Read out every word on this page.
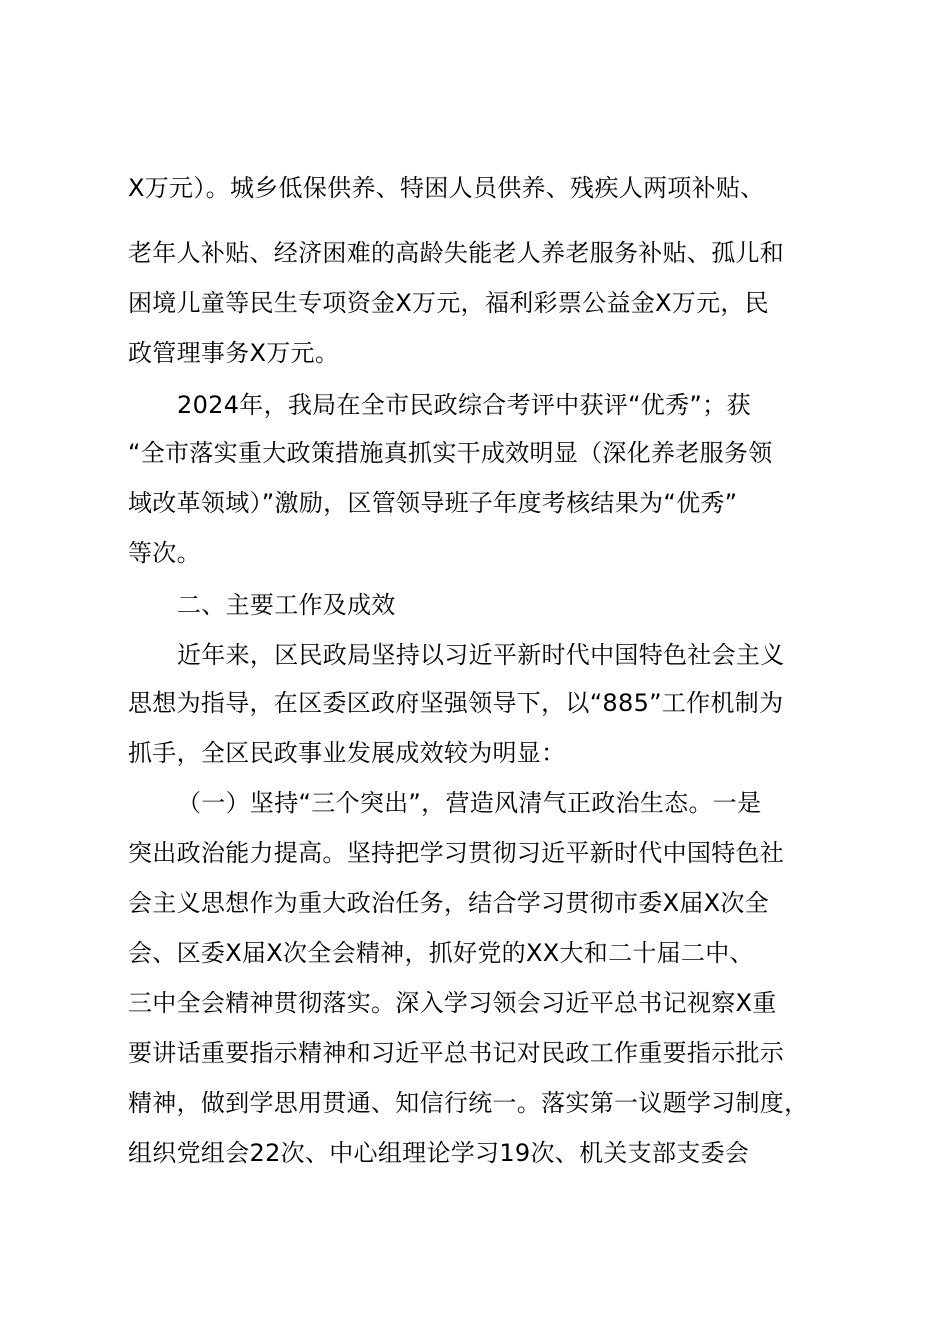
X万元）。城乡低保供养、特困人员供养、残疾人两项补贴、
老年人补贴、经济困难的高龄失能老人养老服务补贴、孤儿和
困境儿童等民生专项资金X万元，福利彩票公益金X万元，民
政管理事务X万元。
2024年，我局在全市民政综合考评中获评“优秀”；获
“全市落实重大政策措施真抓实干成效明显（深化养老服务领
域改革领域）”激励，区管领导班子年度考核结果为“优秀”
等次。
二、主要工作及成效
近年来，区民政局坚持以习近平新时代中国特色社会主义
思想为指导，在区委区政府坚强领导下，以“885”工作机制为
抓手，全区民政事业发展成效较为明显：
（一）坚持“三个突出”，营造风清气正政治生态。一是
突出政治能力提高。坚持把学习贯彻习近平新时代中国特色社
会主义思想作为重大政治任务，结合学习贯彻市委X届X次全
会、区委X届X次全会精神，抓好党的XX大和二十届二中、
三中全会精神贯彻落实。深入学习领会习近平总书记视察X重
要讲话重要指示精神和习近平总书记对民政工作重要指示批示
精神，做到学思用贯通、知信行统一。落实第一议题学习制度，
组织党组会22次、中心组理论学习19次、机关支部支委会
